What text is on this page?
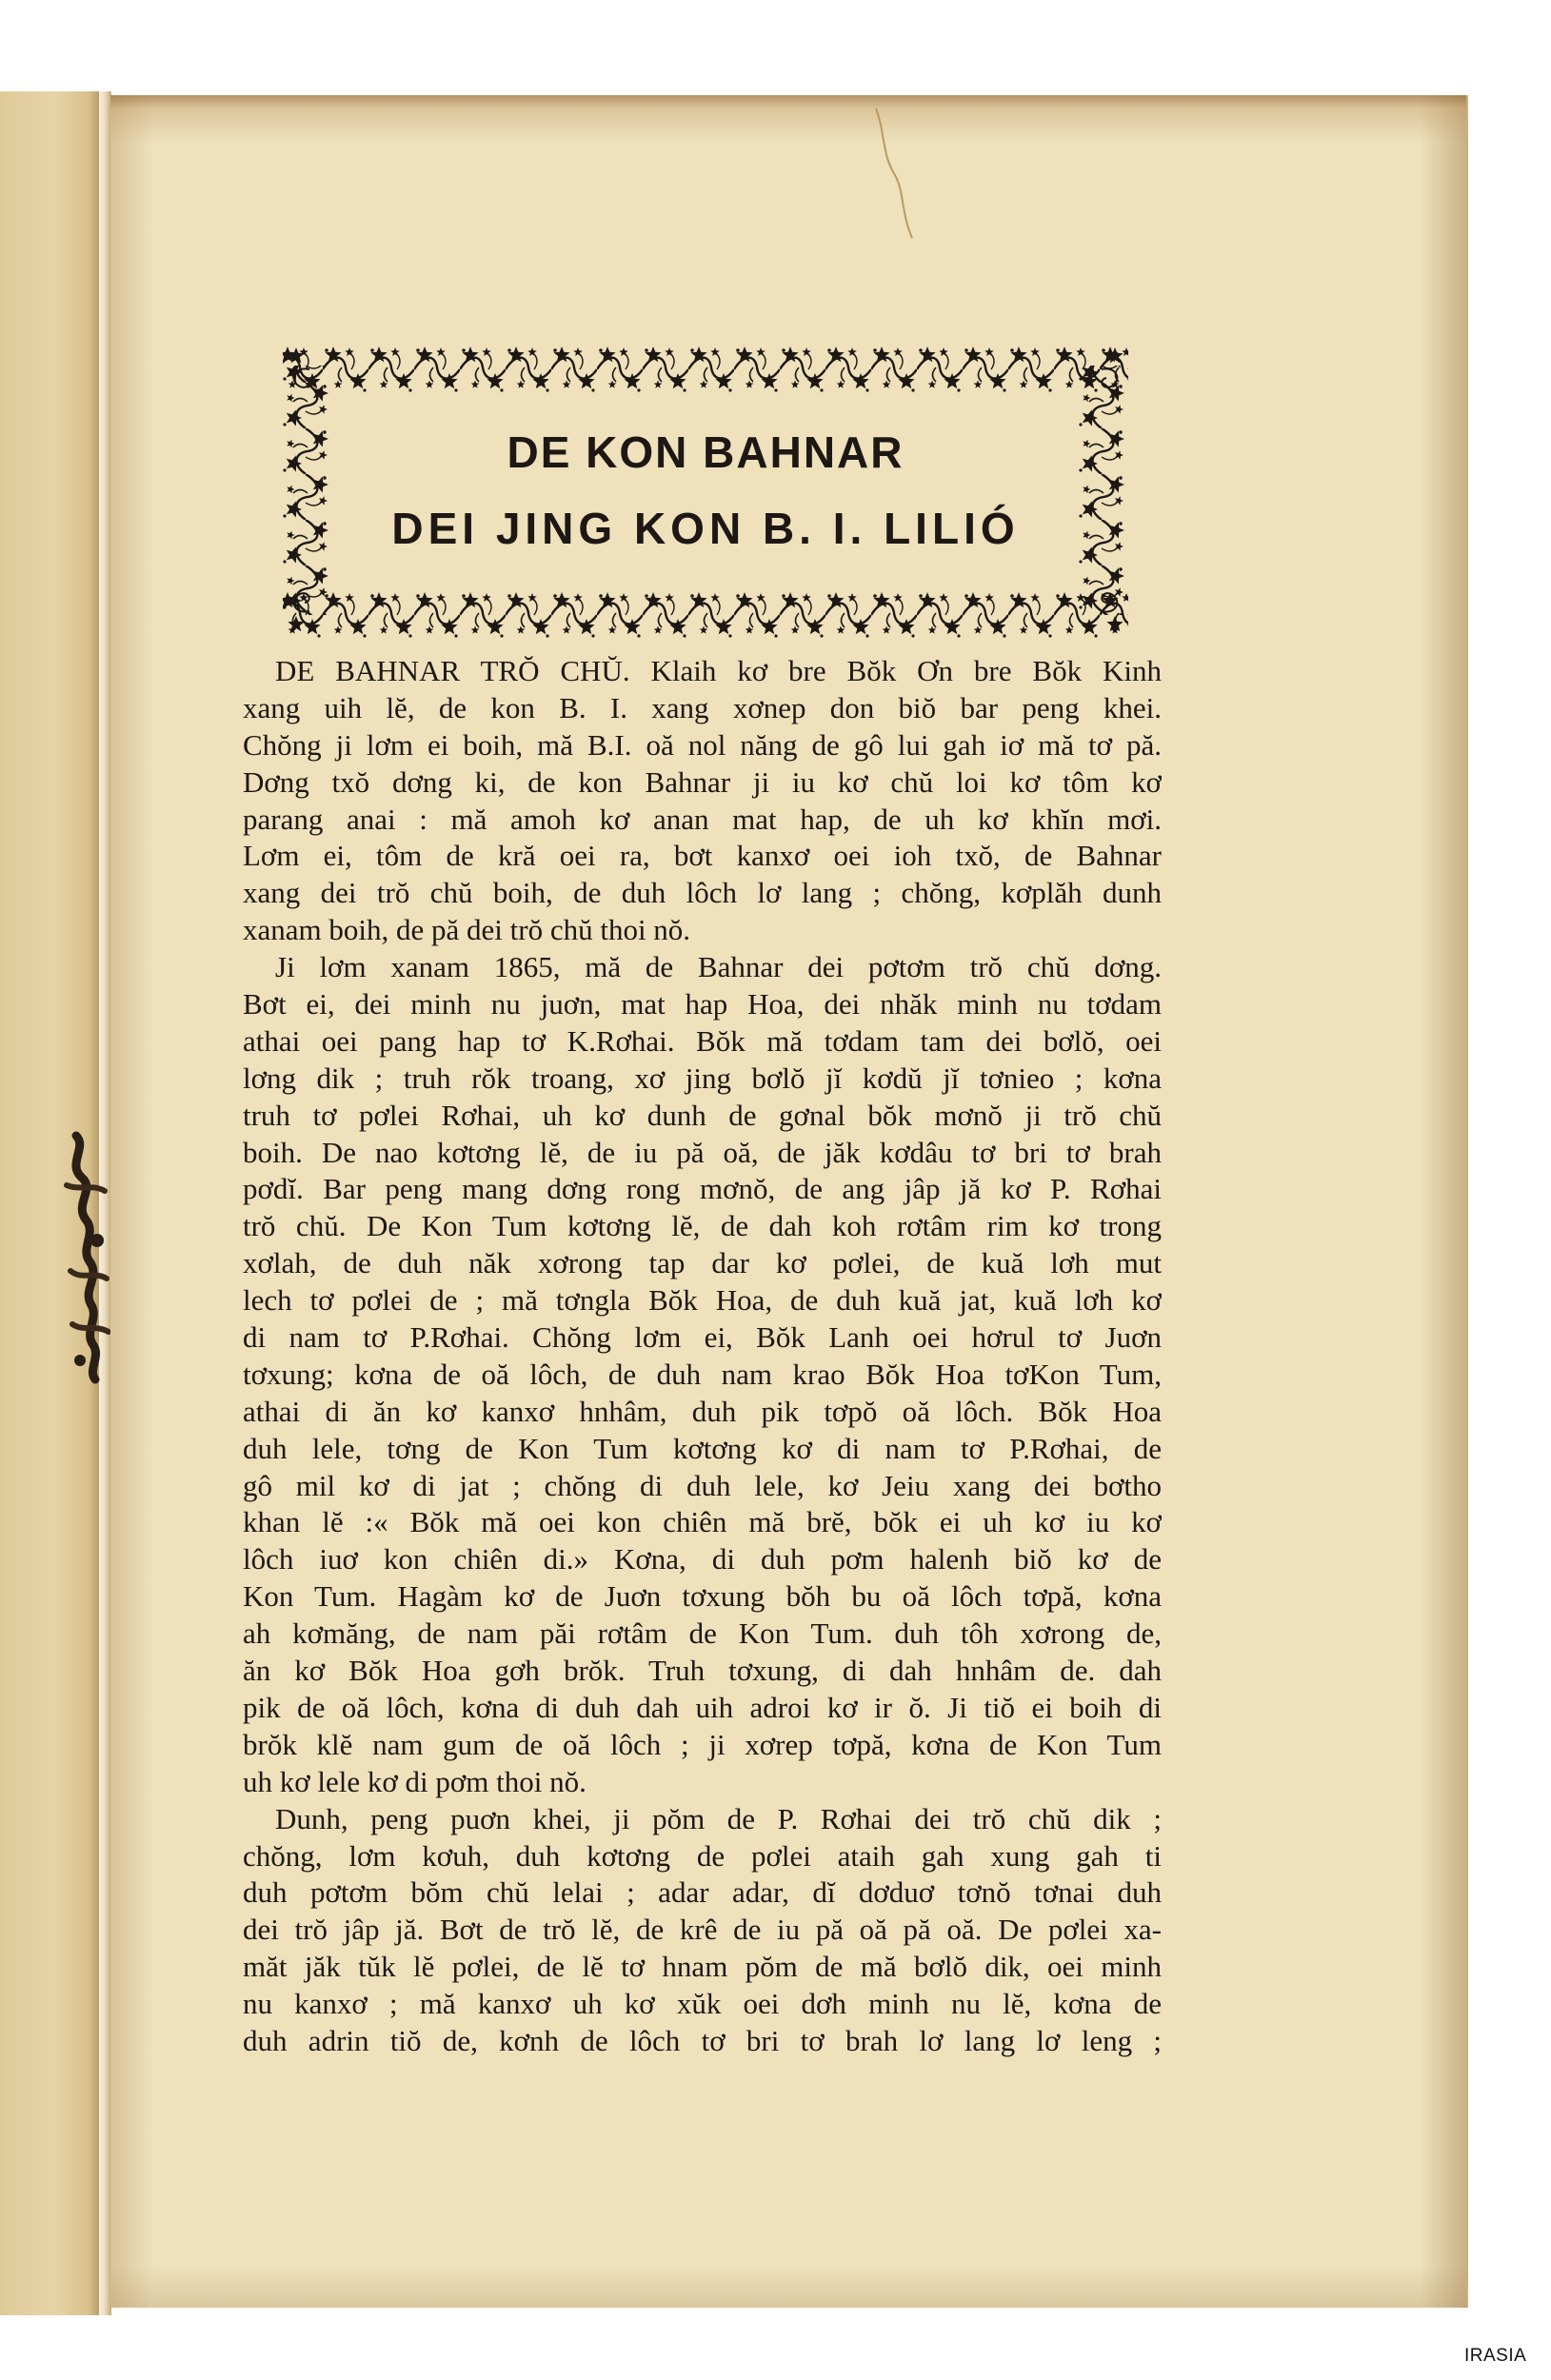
DE KON BAHNAR
DEI JING KON B. I. LILIÓ
DE BAHNAR TRŎ CHŬ. Klaih kơ bre Bŏk Ơn bre Bŏk Kinh
xang uih lĕ, de kon B. I. xang xơnep don biŏ bar peng khei.
Chŏng ji lơm ei boih, mă B.I. oă nol năng de gô lui gah iơ mă tơ pă.
Dơng txŏ dơng ki, de kon Bahnar ji iu kơ chŭ loi kơ tôm kơ
parang anai : mă amoh kơ anan mat hap, de uh kơ khĭn mơi.
Lơm ei, tôm de kră oei ra, bơt kanxơ oei ioh txŏ, de Bahnar
xang dei trŏ chŭ boih, de duh lôch lơ lang ; chŏng, kơplăh dunh
xanam boih, de pă dei trŏ chŭ thoi nŏ.
Ji lơm xanam 1865, mă de Bahnar dei pơtơm trŏ chŭ dơng.
Bơt ei, dei minh nu juơn, mat hap Hoa, dei nhăk minh nu tơdam
athai oei pang hap tơ K.Rơhai. Bŏk mă tơdam tam dei bơlŏ, oei
lơng dik ; truh rŏk troang, xơ jing bơlŏ jĭ kơdŭ jĭ tơnieo ; kơna
truh tơ pơlei Rơhai, uh kơ dunh de gơnal bŏk mơnŏ ji trŏ chŭ
boih. De nao kơtơng lĕ, de iu pă oă, de jăk kơdâu tơ bri tơ brah
pơdĭ. Bar peng mang dơng rong mơnŏ, de ang jâp jă kơ P. Rơhai
trŏ chŭ. De Kon Tum kơtơng lĕ, de dah koh rơtâm rim kơ trong
xơlah, de duh năk xơrong tap dar kơ pơlei, de kuă lơh mut
lech tơ pơlei de ; mă tơngla Bŏk Hoa, de duh kuă jat, kuă lơh kơ
di nam tơ P.Rơhai. Chŏng lơm ei, Bŏk Lanh oei hơrul tơ Juơn
tơxung; kơna de oă lôch, de duh nam krao Bŏk Hoa tơKon Tum,
athai di ăn kơ kanxơ hnhâm, duh pik tơpŏ oă lôch. Bŏk Hoa
duh lele, tơng de Kon Tum kơtơng kơ di nam tơ P.Rơhai, de
gô mil kơ di jat ; chŏng di duh lele, kơ Jeiu xang dei bơtho
khan lĕ :« Bŏk mă oei kon chiên mă brĕ, bŏk ei uh kơ iu kơ
lôch iuơ kon chiên di.» Kơna, di duh pơm halenh biŏ kơ de
Kon Tum. Hagàm kơ de Juơn tơxung bŏh bu oă lôch tơpă, kơna
ah kơmăng, de nam păi rơtâm de Kon Tum. duh tôh xơrong de,
ăn kơ Bŏk Hoa gơh brŏk. Truh tơxung, di dah hnhâm de. dah
pik de oă lôch, kơna di duh dah uih adroi kơ ir ŏ. Ji tiŏ ei boih di
brŏk klĕ nam gum de oă lôch ; ji xơrep tơpă, kơna de Kon Tum
uh kơ lele kơ di pơm thoi nŏ.
Dunh, peng puơn khei, ji pŏm de P. Rơhai dei trŏ chŭ dik ;
chŏng, lơm kơuh, duh kơtơng de pơlei ataih gah xung gah ti
duh pơtơm bŏm chŭ lelai ; adar adar, dĭ dơduơ tơnŏ tơnai duh
dei trŏ jâp jă. Bơt de trŏ lĕ, de krê de iu pă oă pă oă. De pơlei xa-
măt jăk tŭk lĕ pơlei, de lĕ tơ hnam pŏm de mă bơlŏ dik, oei minh
nu kanxơ ; mă kanxơ uh kơ xŭk oei dơh minh nu lĕ, kơna de
duh adrin tiŏ de, kơnh de lôch tơ bri tơ brah lơ lang lơ leng ;
IRASIA
